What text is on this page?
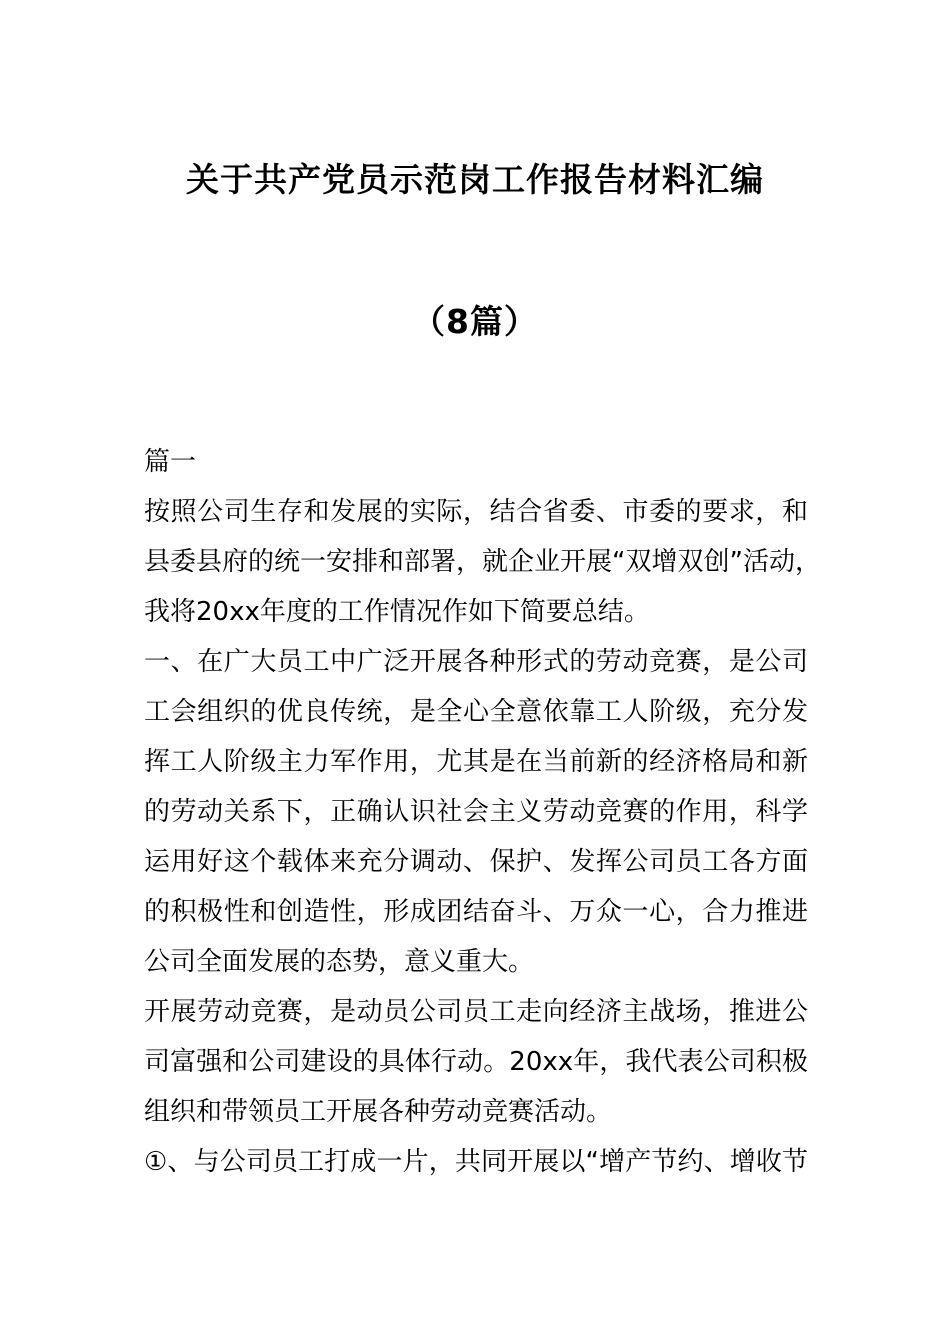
关于共产党员示范岗工作报告材料汇编
（8篇）
篇一
按照公司生存和发展的实际，结合省委、市委的要求，和
县委县府的统一安排和部署，就企业开展“双增双创”活动，
我将20xx年度的工作情况作如下简要总结。
一、在广大员工中广泛开展各种形式的劳动竞赛，是公司
工会组织的优良传统，是全心全意依靠工人阶级，充分发
挥工人阶级主力军作用，尤其是在当前新的经济格局和新
的劳动关系下，正确认识社会主义劳动竞赛的作用，科学
运用好这个载体来充分调动、保护、发挥公司员工各方面
的积极性和创造性，形成团结奋斗、万众一心，合力推进
公司全面发展的态势，意义重大。
开展劳动竞赛，是动员公司员工走向经济主战场，推进公
司富强和公司建设的具体行动。20xx年，我代表公司积极
组织和带领员工开展各种劳动竞赛活动。
①、与公司员工打成一片，共同开展以“增产节约、增收节
